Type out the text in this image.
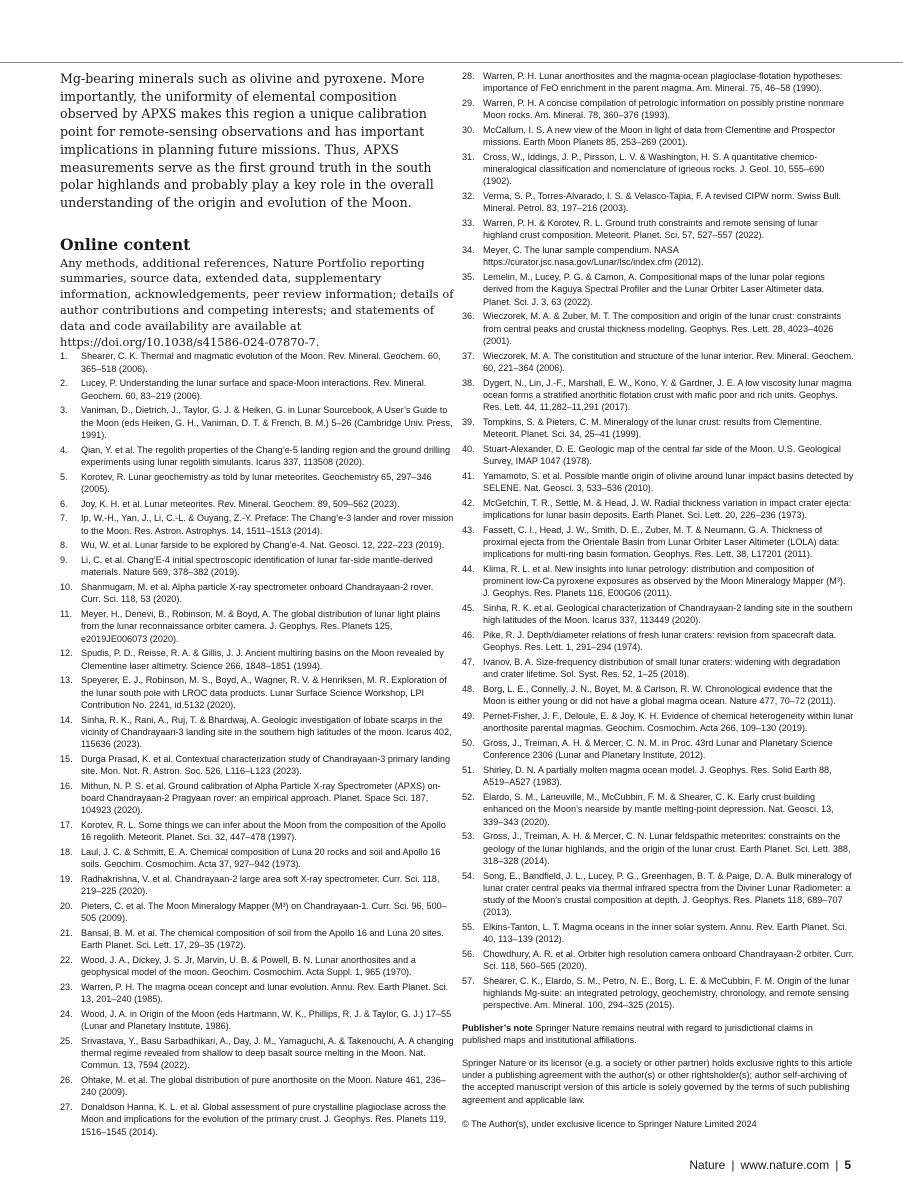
Mg-bearing minerals such as olivine and pyroxene. More importantly, the uniformity of elemental composition observed by APXS makes this region a unique calibration point for remote-sensing observations and has important implications in planning future missions. Thus, APXS measurements serve as the first ground truth in the south polar highlands and probably play a key role in the overall understanding of the origin and evolution of the Moon.

Online content

Any methods, additional references, Nature Portfolio reporting summaries, source data, extended data, supplementary information, acknowledgements, peer review information; details of author contributions and competing interests; and statements of data and code availability are available at https://doi.org/10.1038/s41586-024-07870-7.

1. Shearer, C. K. Thermal and magmatic evolution of the Moon. Rev. Mineral. Geochem. 60, 365–518 (2006).
2. Lucey, P. Understanding the lunar surface and space-Moon interactions. Rev. Mineral. Geochem. 60, 83–219 (2006).
3. Vaniman, D., Dietrich, J., Taylor, G. J. & Heiken, G. in Lunar Sourcebook, A User’s Guide to the Moon (eds Heiken, G. H., Vaniman, D. T. & French, B. M.) 5–26 (Cambridge Univ. Press, 1991).
4. Qian, Y. et al. The regolith properties of the Chang’e-5 landing region and the ground drilling experiments using lunar regolith simulants. Icarus 337, 113508 (2020).
5. Korotev, R. Lunar geochemistry as told by lunar meteorites. Geochemistry 65, 297–346 (2005).
6. Joy, K. H. et al. Lunar meteorites. Rev. Mineral. Geochem. 89, 509–562 (2023).
7. Ip, W.-H., Yan, J., Li, C.-L. & Ouyang, Z.-Y. Preface: The Chang’e-3 lander and rover mission to the Moon. Res. Astron. Astrophys. 14, 1511–1513 (2014).
8. Wu, W. et al. Lunar farside to be explored by Chang’e-4. Nat. Geosci. 12, 222–223 (2019).
9. Li, C. et al. Chang’E-4 initial spectroscopic identification of lunar far-side mantle-derived materials. Nature 569, 378–382 (2019).
10. Shanmugam, M. et al. Alpha particle X-ray spectrometer onboard Chandrayaan-2 rover. Curr. Sci. 118, 53 (2020).
11. Meyer, H., Denevi, B., Robinson, M. & Boyd, A. The global distribution of lunar light plains from the lunar reconnaissance orbiter camera. J. Geophys. Res. Planets 125, e2019JE006073 (2020).
12. Spudis, P. D., Reisse, R. A. & Gillis, J. J. Ancient multiring basins on the Moon revealed by Clementine laser altimetry. Science 266, 1848–1851 (1994).
13. Speyerer, E. J., Robinson, M. S., Boyd, A., Wagner, R. V. & Henriksen, M. R. Exploration of the lunar south pole with LROC data products. Lunar Surface Science Workshop, LPI Contribution No. 2241, id.5132 (2020).
14. Sinha, R. K., Rani, A., Ruj, T. & Bhardwaj, A. Geologic investigation of lobate scarps in the vicinity of Chandrayaan-3 landing site in the southern high latitudes of the moon. Icarus 402, 115636 (2023).
15. Durga Prasad, K. et al. Contextual characterization study of Chandrayaan-3 primary landing site. Mon. Not. R. Astron. Soc. 526, L116–L123 (2023).
16. Mithun, N. P. S. et al. Ground calibration of Alpha Particle X-ray Spectrometer (APXS) on-board Chandrayaan-2 Pragyaan rover: an empirical approach. Planet. Space Sci. 187, 104923 (2020).
17. Korotev, R. L. Some things we can infer about the Moon from the composition of the Apollo 16 regolith. Meteorit. Planet. Sci. 32, 447–478 (1997).
18. Laul, J. C. & Schmitt, E. A. Chemical composition of Luna 20 rocks and soil and Apollo 16 soils. Geochim. Cosmochim. Acta 37, 927–942 (1973).
19. Radhakrishna, V. et al. Chandrayaan-2 large area soft X-ray spectrometer. Curr. Sci. 118, 219–225 (2020).
20. Pieters, C. et al. The Moon Mineralogy Mapper (M³) on Chandrayaan-1. Curr. Sci. 96, 500–505 (2009).
21. Bansal, B. M. et al. The chemical composition of soil from the Apollo 16 and Luna 20 sites. Earth Planet. Sci. Lett. 17, 29–35 (1972).
22. Wood, J. A., Dickey, J. S. Jr, Marvin, U. B. & Powell, B. N. Lunar anorthosites and a geophysical model of the moon. Geochim. Cosmochim. Acta Suppl. 1, 965 (1970).
23. Warren, P. H. The magma ocean concept and lunar evolution. Annu. Rev. Earth Planet. Sci. 13, 201–240 (1985).
24. Wood, J. A. in Origin of the Moon (eds Hartmann, W. K., Phillips, R. J. & Taylor, G. J.) 17–55 (Lunar and Planetary Institute, 1986).
25. Srivastava, Y., Basu Sarbadhikari, A., Day, J. M., Yamaguchi, A. & Takenouchi, A. A changing thermal regime revealed from shallow to deep basalt source melting in the Moon. Nat. Commun. 13, 7594 (2022).
26. Ohtake, M. et al. The global distribution of pure anorthosite on the Moon. Nature 461, 236–240 (2009).
27. Donaldson Hanna, K. L. et al. Global assessment of pure crystalline plagioclase across the Moon and implications for the evolution of the primary crust. J. Geophys. Res. Planets 119, 1516–1545 (2014).
28. Warren, P. H. Lunar anorthosites and the magma-ocean plagioclase-flotation hypotheses: importance of FeO enrichment in the parent magma. Am. Mineral. 75, 46–58 (1990).
29. Warren, P. H. A concise compilation of petrologic information on possibly pristine nonmare Moon rocks. Am. Mineral. 78, 360–376 (1993).
30. McCallum, I. S. A new view of the Moon in light of data from Clementine and Prospector missions. Earth Moon Planets 85, 253–269 (2001).
31. Cross, W., Iddings, J. P., Pirsson, L. V. & Washington, H. S. A quantitative chemico-mineralogical classification and nomenclature of igneous rocks. J. Geol. 10, 555–690 (1902).
32. Verma, S. P., Torres-Alvarado, I. S. & Velasco-Tapia, F. A revised CIPW norm. Swiss Bull. Mineral. Petrol. 83, 197–216 (2003).
33. Warren, P. H. & Korotev, R. L. Ground truth constraints and remote sensing of lunar highland crust composition. Meteorit. Planet. Sci. 57, 527–557 (2022).
34. Meyer, C. The lunar sample compendium. NASA https://curator.jsc.nasa.gov/Lunar/lsc/index.cfm (2012).
35. Lemelin, M., Lucey, P. G. & Camon, A. Compositional maps of the lunar polar regions derived from the Kaguya Spectral Profiler and the Lunar Orbiter Laser Altimeter data. Planet. Sci. J. 3, 63 (2022).
36. Wieczorek, M. A. & Zuber, M. T. The composition and origin of the lunar crust: constraints from central peaks and crustal thickness modeling. Geophys. Res. Lett. 28, 4023–4026 (2001).
37. Wieczorek, M. A. The constitution and structure of the lunar interior. Rev. Mineral. Geochem. 60, 221–364 (2006).
38. Dygert, N., Lin, J.-F., Marshall, E. W., Kono, Y. & Gardner, J. E. A low viscosity lunar magma ocean forms a stratified anorthitic flotation crust with mafic poor and rich units. Geophys. Res. Lett. 44, 11,282–11,291 (2017).
39. Tompkins, S. & Pieters, C. M. Mineralogy of the lunar crust: results from Clementine. Meteorit. Planet. Sci. 34, 25–41 (1999).
40. Stuart-Alexander, D. E. Geologic map of the central far side of the Moon. U.S. Geological Survey, IMAP 1047 (1978).
41. Yamamoto, S. et al. Possible mantle origin of olivine around lunar impact basins detected by SELENE. Nat. Geosci. 3, 533–536 (2010).
42. McGetchin, T. R., Settle, M. & Head, J. W. Radial thickness variation in impact crater ejecta: implications for lunar basin deposits. Earth Planet. Sci. Lett. 20, 226–236 (1973).
43. Fassett, C. I., Head, J. W., Smith, D. E., Zuber, M. T. & Neumann, G. A. Thickness of proximal ejecta from the Orientale Basin from Lunar Orbiter Laser Altimeter (LOLA) data: implications for multi-ring basin formation. Geophys. Res. Lett. 38, L17201 (2011).
44. Klima, R. L. et al. New insights into lunar petrology: distribution and composition of prominent low-Ca pyroxene exposures as observed by the Moon Mineralogy Mapper (M³). J. Geophys. Res. Planets 116, E00G06 (2011).
45. Sinha, R. K. et al. Geological characterization of Chandrayaan-2 landing site in the southern high latitudes of the Moon. Icarus 337, 113449 (2020).
46. Pike, R. J. Depth/diameter relations of fresh lunar craters: revision from spacecraft data. Geophys. Res. Lett. 1, 291–294 (1974).
47. Ivanov, B. A. Size-frequency distribution of small lunar craters: widening with degradation and crater lifetime. Sol. Syst. Res. 52, 1–25 (2018).
48. Borg, L. E., Connelly, J. N., Boyet, M. & Carlson, R. W. Chronological evidence that the Moon is either young or did not have a global magma ocean. Nature 477, 70–72 (2011).
49. Pernet-Fisher, J. F., Deloule, E. & Joy, K. H. Evidence of chemical heterogeneity within lunar anorthosite parental magmas. Geochim. Cosmochim. Acta 266, 109–130 (2019).
50. Gross, J., Treiman, A. H. & Mercer, C. N. M. in Proc. 43rd Lunar and Planetary Science Conference 2306 (Lunar and Planetary Institute, 2012).
51. Shirley, D. N. A partially molten magma ocean model. J. Geophys. Res. Solid Earth 88, A519–A527 (1983).
52. Elardo, S. M., Laneuville, M., McCubbin, F. M. & Shearer, C. K. Early crust building enhanced on the Moon’s nearside by mantle melting-point depression. Nat. Geosci. 13, 339–343 (2020).
53. Gross, J., Treiman, A. H. & Mercer, C. N. Lunar feldspathic meteorites: constraints on the geology of the lunar highlands, and the origin of the lunar crust. Earth Planet. Sci. Lett. 388, 318–328 (2014).
54. Song, E., Bandfield, J. L., Lucey, P. G., Greenhagen, B. T. & Paige, D. A. Bulk mineralogy of lunar crater central peaks via thermal infrared spectra from the Diviner Lunar Radiometer: a study of the Moon’s crustal composition at depth. J. Geophys. Res. Planets 118, 689–707 (2013).
55. Elkins-Tanton, L. T. Magma oceans in the inner solar system. Annu. Rev. Earth Planet. Sci. 40, 113–139 (2012).
56. Chowdhury, A. R. et al. Orbiter high resolution camera onboard Chandrayaan-2 orbiter. Curr. Sci. 118, 560–565 (2020).
57. Shearer, C. K., Elardo, S. M., Petro, N. E., Borg, L. E. & McCubbin, F. M. Origin of the lunar highlands Mg-suite: an integrated petrology, geochemistry, chronology, and remote sensing perspective. Am. Mineral. 100, 294–325 (2015).

Publisher’s note Springer Nature remains neutral with regard to jurisdictional claims in published maps and institutional affiliations.

Springer Nature or its licensor (e.g. a society or other partner) holds exclusive rights to this article under a publishing agreement with the author(s) or other rightsholder(s); author self-archiving of the accepted manuscript version of this article is solely governed by the terms of such publishing agreement and applicable law.

© The Author(s), under exclusive licence to Springer Nature Limited 2024

Nature | www.nature.com | 5
